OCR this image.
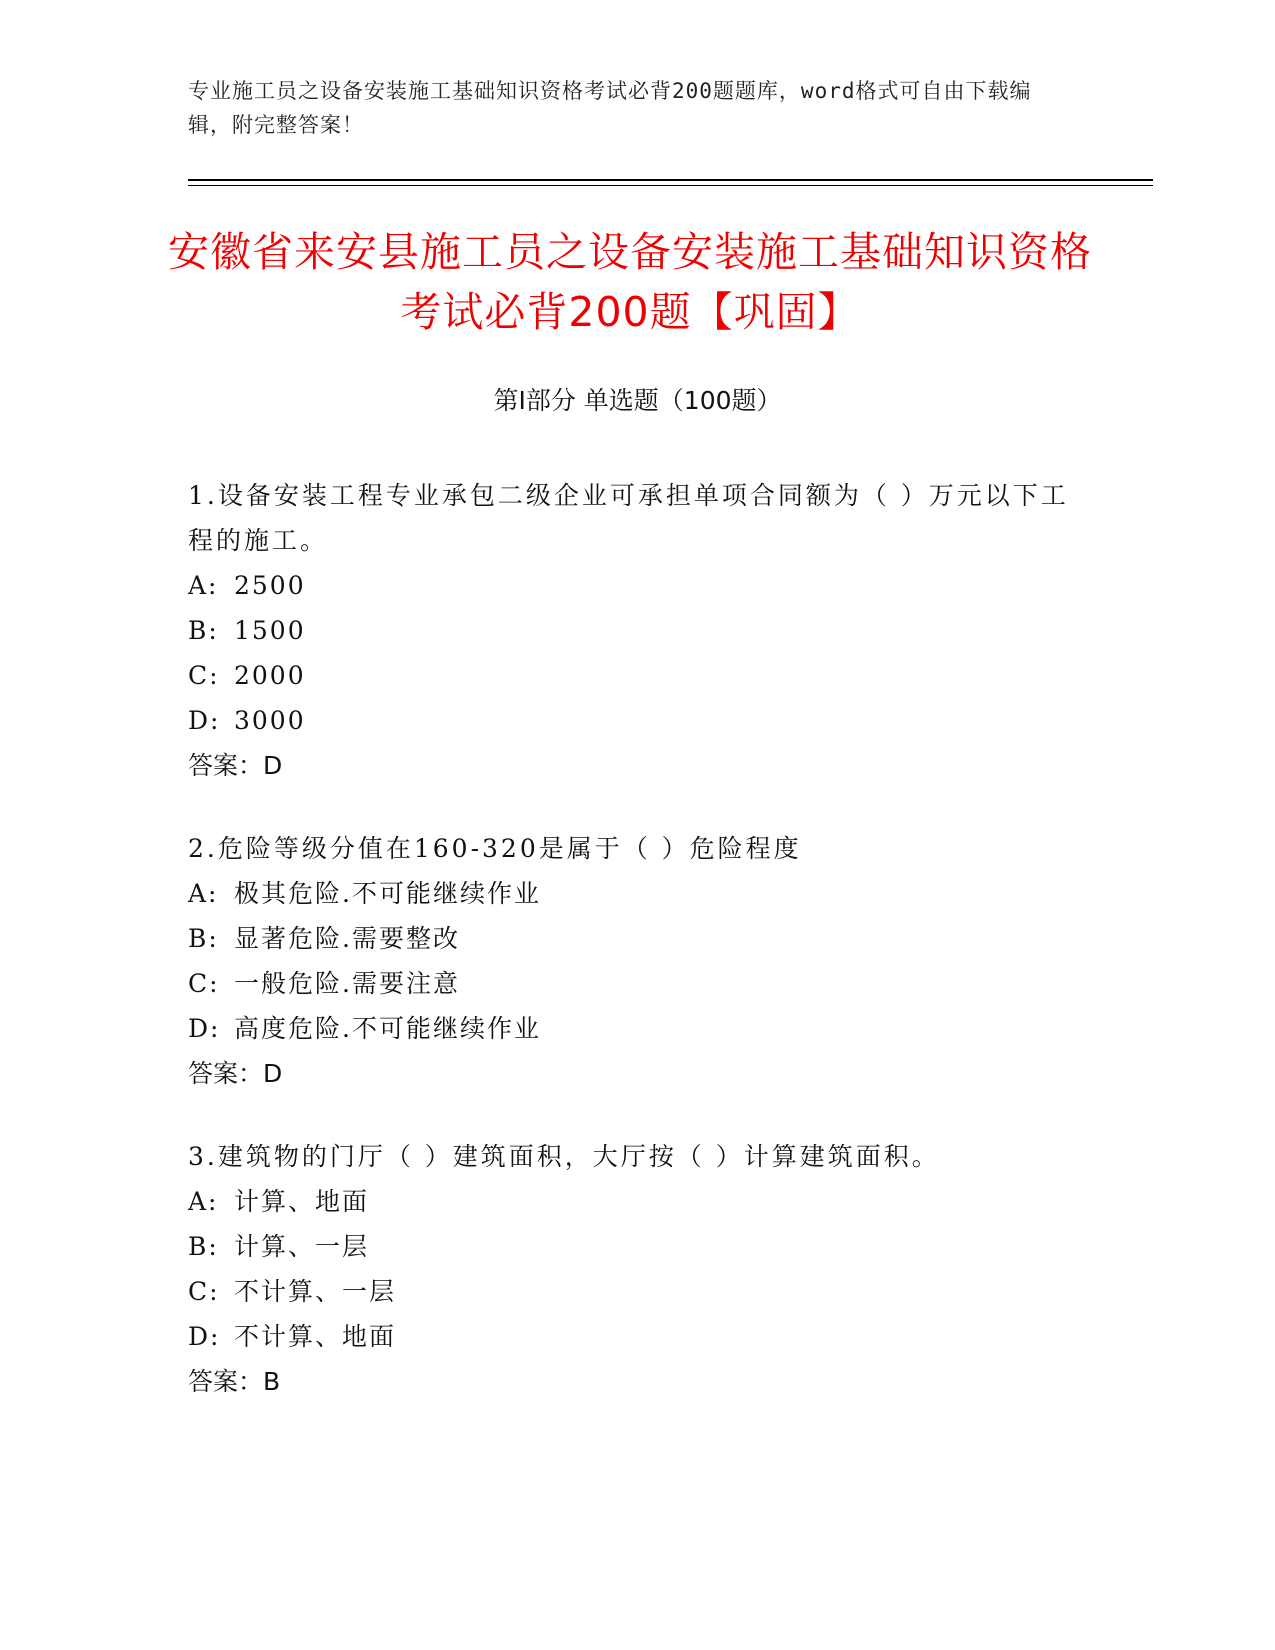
专业施工员之设备安装施工基础知识资格考试必背200题题库，word格式可自由下载编辑，附完整答案！
安徽省来安县施工员之设备安装施工基础知识资格考试必背200题【巩固】
第I部分 单选题（100题）

1.设备安装工程专业承包二级企业可承担单项合同额为（ ）万元以下工程的施工。

A: 2500

B: 1500

C: 2000

D: 3000

答案：D

2.危险等级分值在160-320是属于（ ）危险程度

A: 极其危险.不可能继续作业

B: 显著危险.需要整改

C: 一般危险.需要注意

D: 高度危险.不可能继续作业

答案：D

3.建筑物的门厅（ ）建筑面积，大厅按（ ）计算建筑面积。

A: 计算、地面

B: 计算、一层

C: 不计算、一层

D: 不计算、地面

答案：B
